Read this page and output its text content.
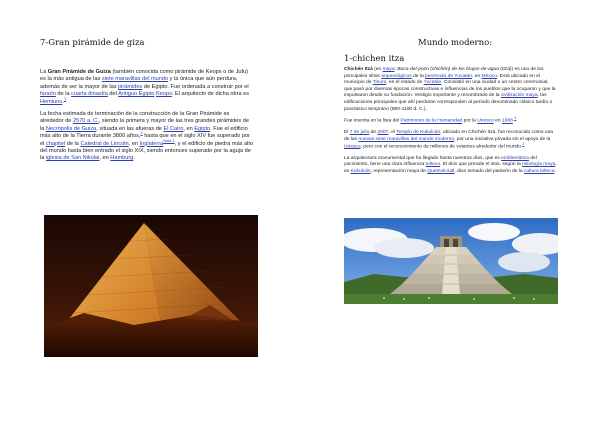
7-Gran pirámide de giza	Mundo moderno:
1-chichen itza

La Gran Pirámide de Guiza (también conocida como pirámide de Keops o de Jufu) es la más antigua de las siete maravillas del mundo y la única que aún perdura, además de ser la mayor de las pirámides de Egipto. Fue ordenada a construir por el faraón de la cuarta dinastía del Antiguo Egipto Keops. El arquitecto de dicha obra es Hemiunu.$^1$

La fecha estimada de terminación de la construcción de la Gran Pirámide es alrededor de 2570 a. C., siendo la primera y mayor de las tres grandes pirámides de la Necrópolis de Guiza, situada en las afueras de El Cairo, en Egipto. Fue el edificio más alto de la Tierra durante 3800 años,$^2$ hasta que en el siglo XIV fue superado por el chapitel de la Catedral de Lincoln, en Inglaterra$^{Nota 1}$, y el edificio de piedra más alto del mundo hasta bien entrado el siglo XIX, siendo entonces superado por la aguja de la iglesia de San Nikolai, en Hamburg.

Chichén Itzá (en maya: Boca-del-pozo (chichén) de los brujos-de-agua (Itzá)) es uno de los principales sitios arqueológicos de la península de Yucatán, en México. Está ubicado en el municipio de Tinum, en el estado de Yucatán. Consistió en una ciudad o un centro ceremonial, que pasó por diversas épocas constructivas e influencias de los pueblos que la ocuparon y que la impulsaron desde su fundación. Vestigio importante y renombrado de la civilización maya, las edificaciones principales que ahí perduran corresponden al periodo denominado clásico tardío o posclásico temprano (800-1100 d. C.).

Fue inscrita en la lista del Patrimonio de la Humanidad por la Unesco en 1988.$^1$

El 7 de julio de 2007, el Templo de Kukulcán, ubicado en Chichén Itzá, fue reconocido como una de las nuevas siete maravillas del mundo moderno, por una iniciativa privada sin el apoyo de la Unesco, pero con el reconocimiento de millones de votantes alrededor del mundo.$^2$

La arquitectura monumental que ha llegado hasta nuestros días, que es emblemática del yacimiento, tiene una clara influencia tolteca. El dios que preside el sitio, según la mitología maya, es Kukulcán, representación maya de Quetzalcóatl, dios tomado del panteón de la cultura tolteca.
